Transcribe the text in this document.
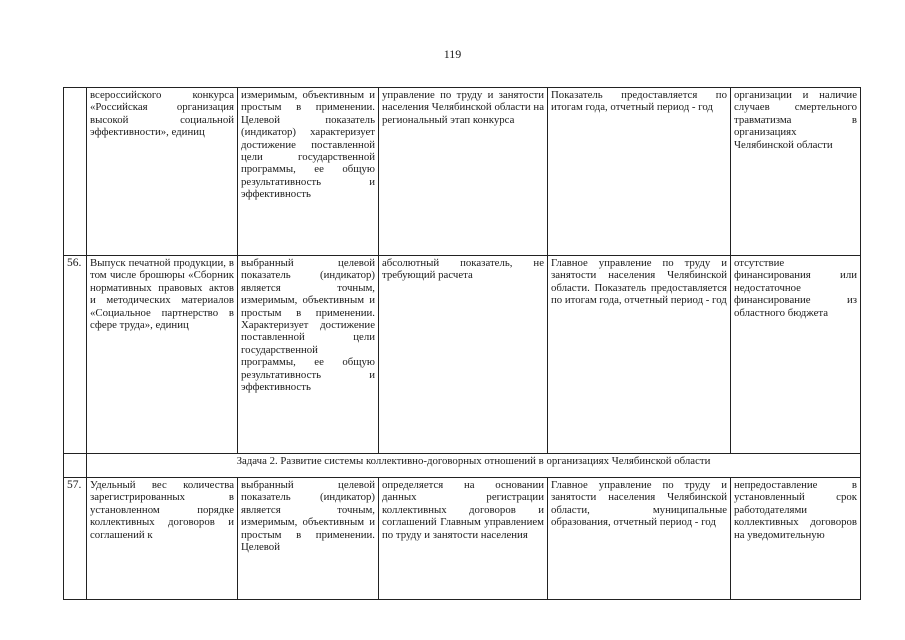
119
	всероссийского конкурса «Российская организация высокой социальной эффективности», единиц	измеримым, объективным и простым в применении. Целевой показатель (индикатор) характеризует достижение поставленной цели государственной программы, ее общую результативность и эффективность	управление по труду и занятости населения Челябинской области на региональный этап конкурса	Показатель предоставляется по итогам года, отчетный период - год	организации и наличие случаев смертельного травматизма в организациях Челябинской области
56.	Выпуск печатной продукции, в том числе брошюры «Сборник нормативных правовых актов и методических материалов «Социальное партнерство в сфере труда», единиц	выбранный целевой показатель (индикатор) является точным, измеримым, объективным и простым в применении. Характеризует достижение поставленной цели государственной программы, ее общую результативность и эффективность	абсолютный показатель, не требующий расчета	Главное управление по труду и занятости населения Челябинской области. Показатель предоставляется по итогам года, отчетный период - год	отсутствие финансирования или недостаточное финансирование из областного бюджета
	Задача 2. Развитие системы коллективно-договорных отношений в организациях Челябинской области				
57.	Удельный вес количества зарегистрированных в установленном порядке коллективных договоров и соглашений к	выбранный целевой показатель (индикатор) является точным, измеримым, объективным и простым в применении. Целевой	определяется на основании данных регистрации коллективных договоров и соглашений Главным управлением по труду и занятости населения	Главное управление по труду и занятости населения Челябинской области, муниципальные образования, отчетный период - год	непредоставление в установленный срок работодателями коллективных договоров на уведомительную
